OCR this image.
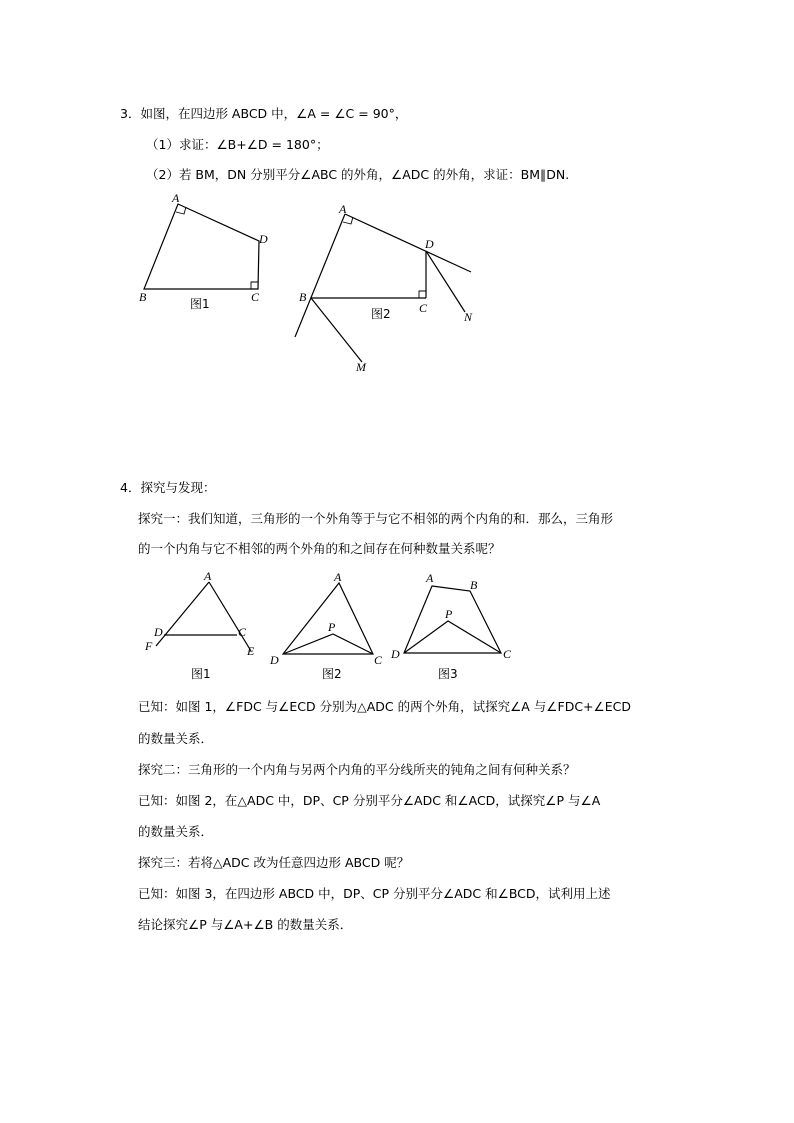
3．如图，在四边形 ABCD 中，∠A = ∠C = 90°，
（1）求证：∠B+∠D = 180°；
（2）若 BM，DN 分别平分∠ABC 的外角，∠ADC 的外角，求证：BM∥DN.
A
D
B	C
图1
A
D
B
C
N
M
图2
4．探究与发现：
探究一：我们知道，三角形的一个外角等于与它不相邻的两个内角的和．那么，三角形
的一个内角与它不相邻的两个外角的和之间存在何种数量关系呢？
A
D
F
C
E
图1
A
P
D	C
图2
A	B
P
D	C
图3
已知：如图 1，∠FDC 与∠ECD 分别为△ADC 的两个外角，试探究∠A 与∠FDC+∠ECD
的数量关系．
探究二：三角形的一个内角与另两个内角的平分线所夹的钝角之间有何种关系？
已知：如图 2，在△ADC 中，DP、CP 分别平分∠ADC 和∠ACD，试探究∠P 与∠A
的数量关系．
探究三：若将△ADC 改为任意四边形 ABCD 呢？
已知：如图 3，在四边形 ABCD 中，DP、CP 分别平分∠ADC 和∠BCD，试利用上述
结论探究∠P 与∠A+∠B 的数量关系．
